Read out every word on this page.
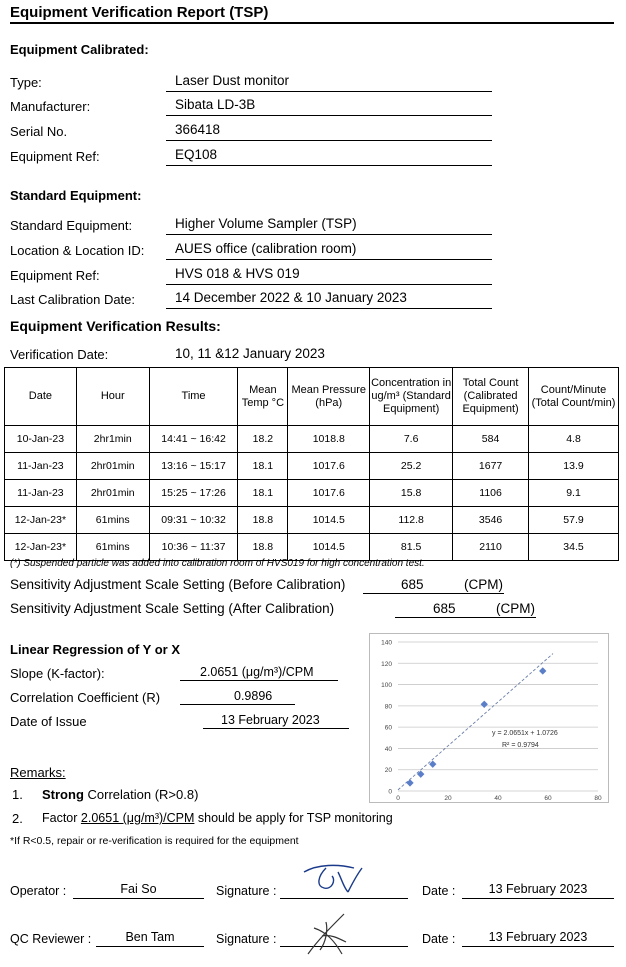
Equipment Verification Report (TSP)
Equipment Calibrated:
Type:	Laser Dust monitor
Manufacturer:	Sibata LD-3B
Serial No.	366418
Equipment Ref:	EQ108
Standard Equipment:
Standard Equipment:	Higher Volume Sampler (TSP)
Location & Location ID:	AUES office (calibration room)
Equipment Ref:	HVS 018 & HVS 019
Last Calibration Date:	14 December 2022 & 10 January 2023
Equipment Verification Results:
Verification Date:	10, 11 &12 January 2023
Date	Hour	Time	Mean Temp °C	Mean Pressure (hPa)	Concentration in ug/m³ (Standard Equipment)	Total Count (Calibrated Equipment)	Count/Minute (Total Count/min)
10-Jan-23	2hr1min	14:41 ~ 16:42	18.2	1018.8	7.6	584	4.8
11-Jan-23	2hr01min	13:16 ~ 15:17	18.1	1017.6	25.2	1677	13.9
11-Jan-23	2hr01min	15:25 ~ 17:26	18.1	1017.6	15.8	1106	9.1
12-Jan-23*	61mins	09:31 ~ 10:32	18.8	1014.5	112.8	3546	57.9
12-Jan-23*	61mins	10:36 ~ 11:37	18.8	1014.5	81.5	2110	34.5
(*) Suspended particle was added into calibration room of HVS019 for high concentration test.
Sensitivity Adjustment Scale Setting (Before Calibration)	685	(CPM)
Sensitivity Adjustment Scale Setting (After Calibration)	685	(CPM)
Linear Regression of Y or X
Slope (K-factor):	2.0651 (μg/m³)/CPM
Correlation Coefficient (R)	0.9896
Date of Issue	13 February 2023
0
20
40
60
80
100
120
140
0	20	40	60	80
y = 2.0651x + 1.0726
R² = 0.9794
Remarks:
1. Strong Correlation (R>0.8)
2. Factor 2.0651 (μg/m³)/CPM should be apply for TSP monitoring
*If R<0.5, repair or re-verification is required for the equipment
Operator :	Fai So	Signature :	Date :	13 February 2023
QC Reviewer :	Ben Tam	Signature :	Date :	13 February 2023
